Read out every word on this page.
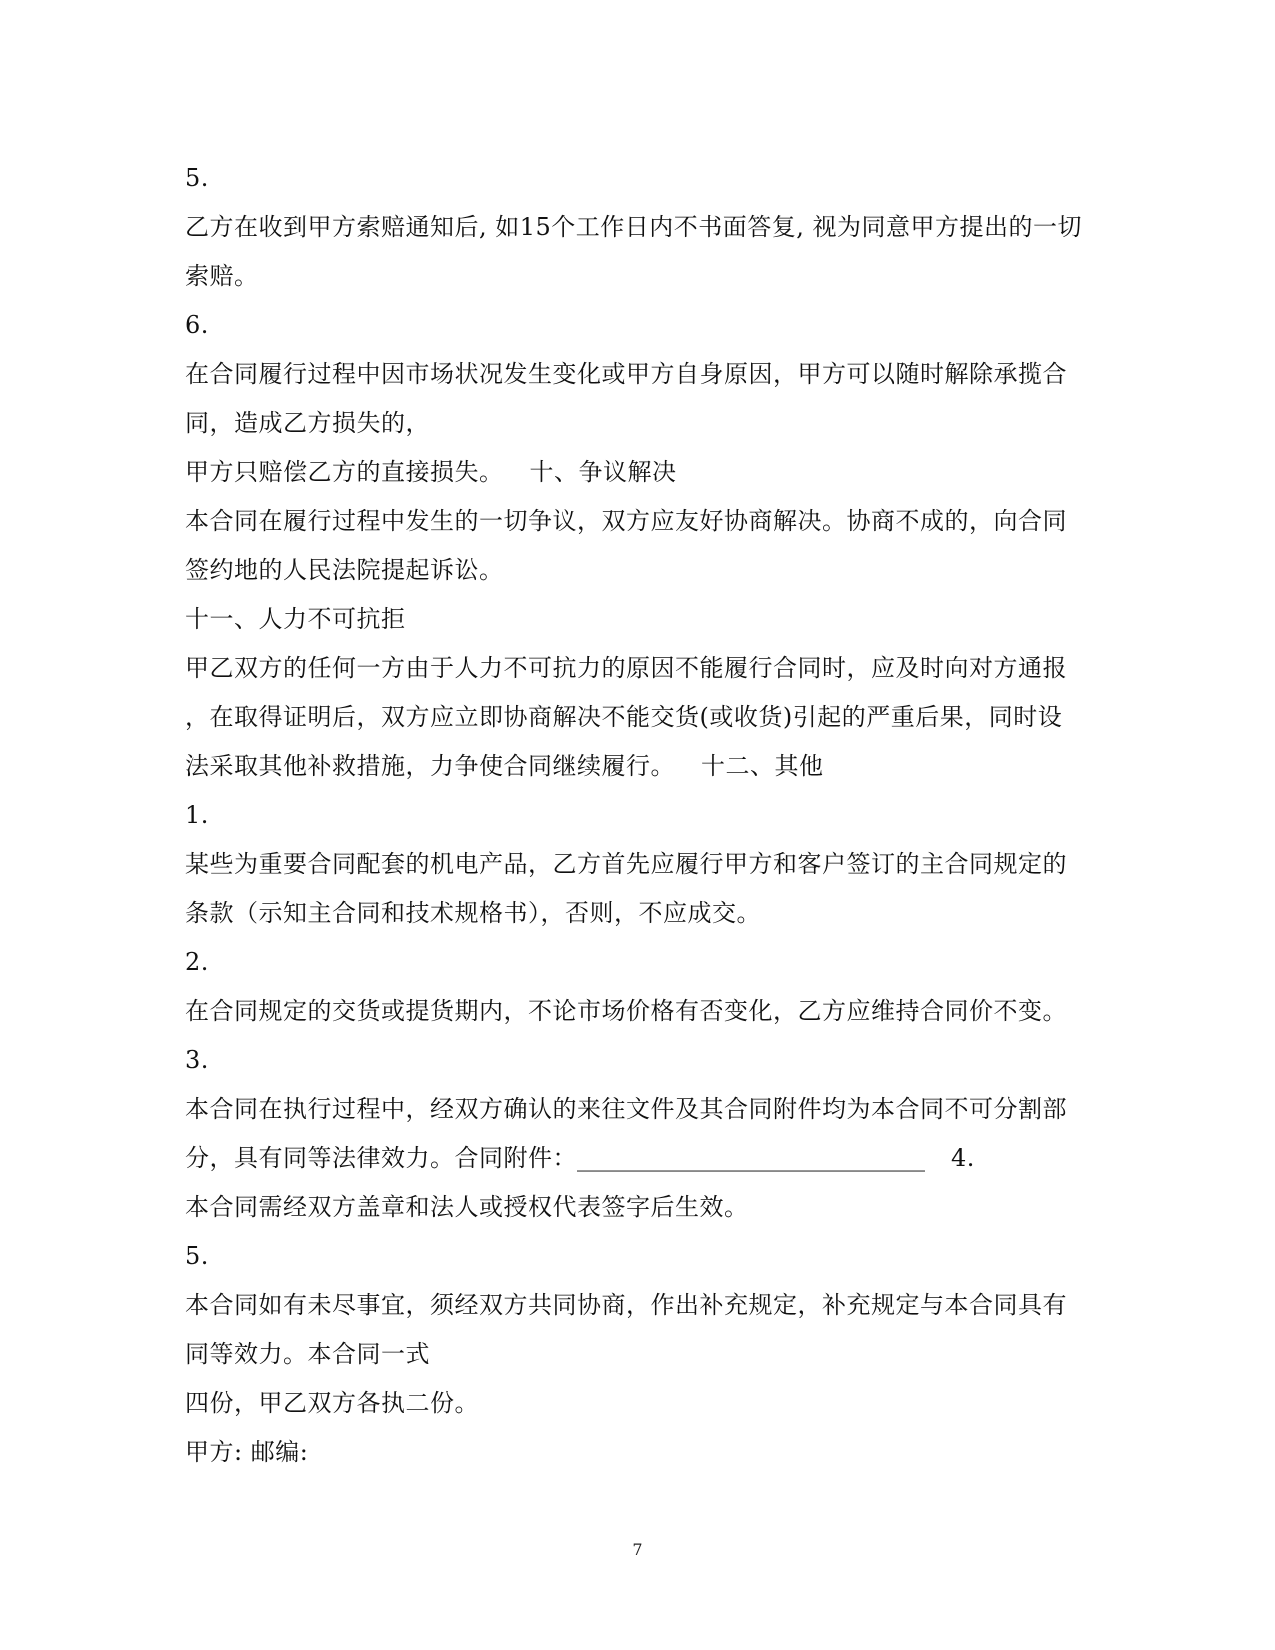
5.
乙方在收到甲方索赔通知后, 如15个工作日内不书面答复, 视为同意甲方提出的一切
索赔。
6.
在合同履行过程中因市场状况发生变化或甲方自身原因，甲方可以随时解除承揽合
同，造成乙方损失的，
甲方只赔偿乙方的直接损失。 十、争议解决
本合同在履行过程中发生的一切争议，双方应友好协商解决。协商不成的，向合同
签约地的人民法院提起诉讼。
十一、人力不可抗拒
甲乙双方的任何一方由于人力不可抗力的原因不能履行合同时，应及时向对方通报
，在取得证明后，双方应立即协商解决不能交货(或收货)引起的严重后果，同时设
法采取其他补救措施，力争使合同继续履行。 十二、其他
1.
某些为重要合同配套的机电产品，乙方首先应履行甲方和客户签订的主合同规定的
条款（示知主合同和技术规格书），否则，不应成交。
2.
在合同规定的交货或提货期内，不论市场价格有否变化，乙方应维持合同价不变。
3.
本合同在执行过程中，经双方确认的来往文件及其合同附件均为本合同不可分割部
分，具有同等法律效力。合同附件：_____________________________ 4.
本合同需经双方盖章和法人或授权代表签字后生效。
5.
本合同如有未尽事宜，须经双方共同协商，作出补充规定，补充规定与本合同具有
同等效力。本合同一式
四份，甲乙双方各执二份。
甲方: 邮编:
7
